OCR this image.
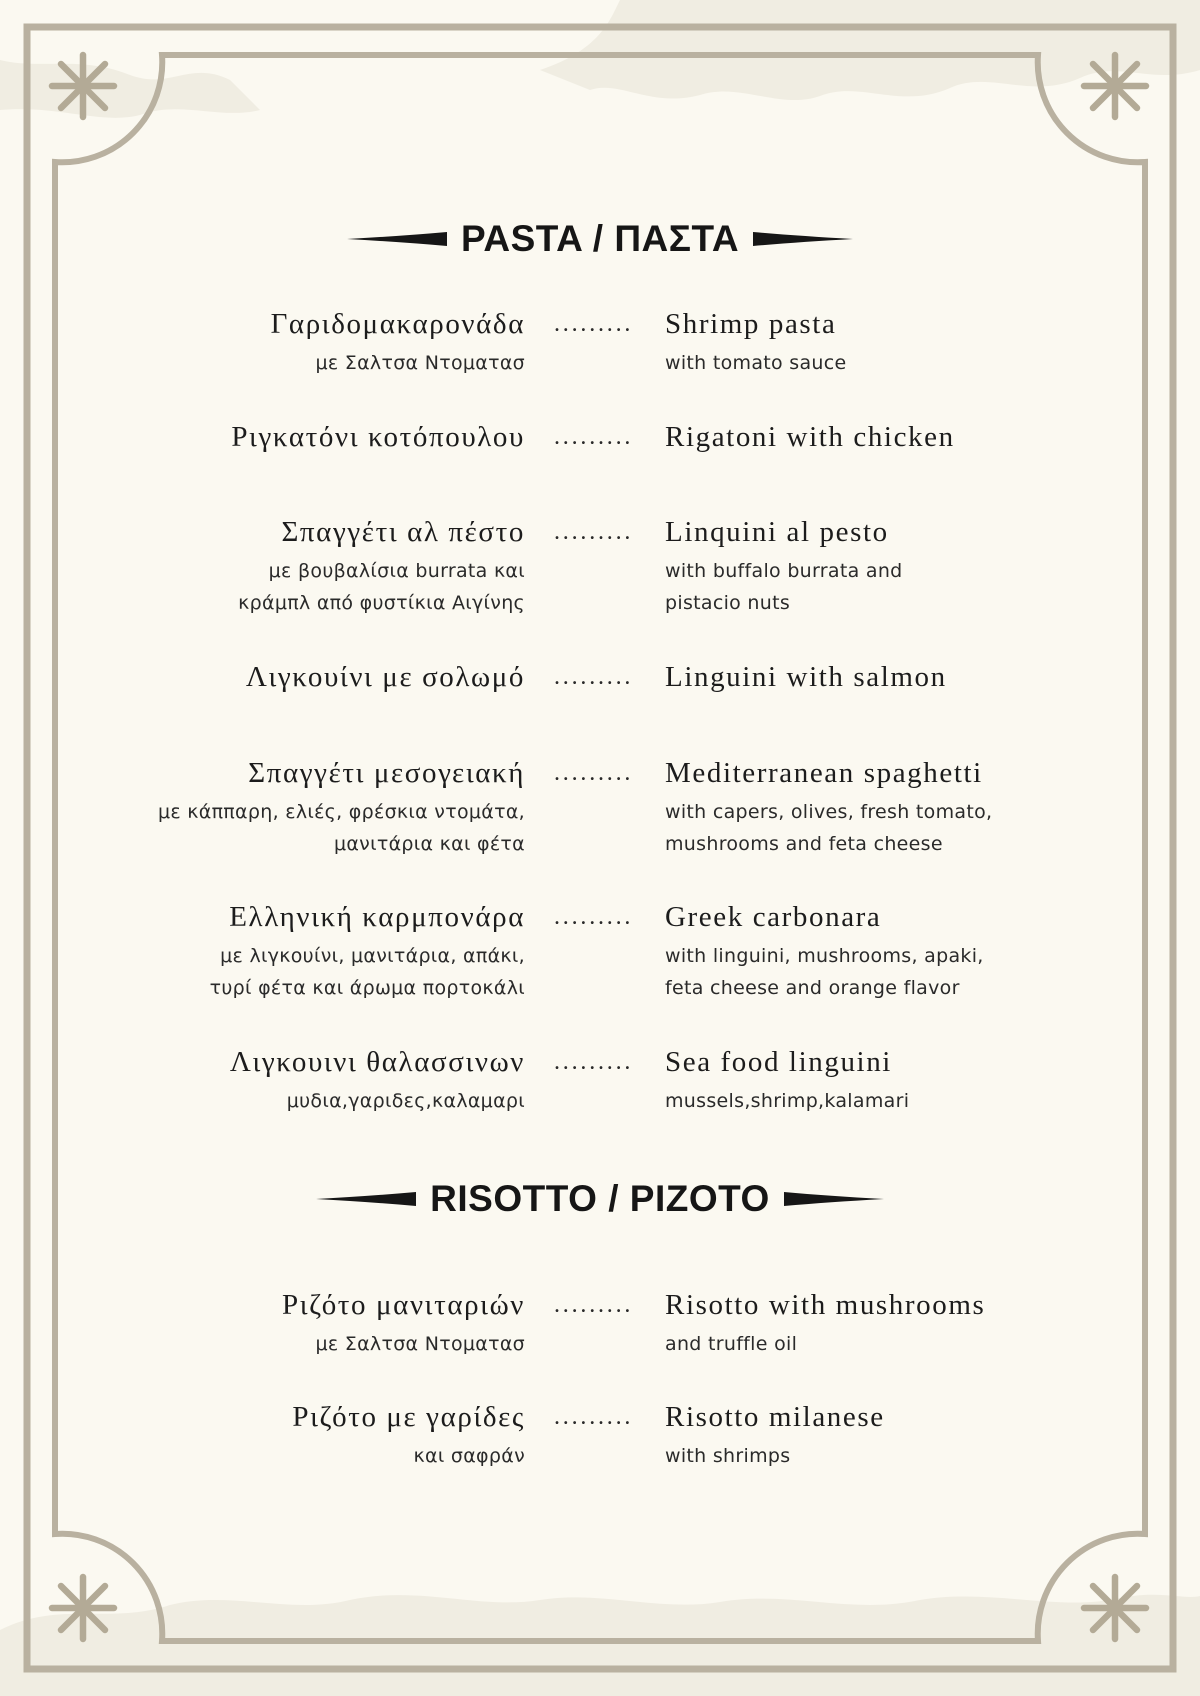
PASTA / ΠΑΣΤΑ
Γαριδομακαρονάδα
με Σαλτσα Ντοματασ
......... Shrimp pasta
with tomato sauce
Ριγκατόνι κοτόπουλου ......... Rigatoni with chicken
Σπαγγέτι αλ πέστο
με βουβαλίσια burrata και
κράμπλ από φυστίκια Αιγίνης
......... Linquini al pesto
with buffalo burrata and
pistacio nuts
Λιγκουίνι με σολωμό ......... Linguini with salmon
Σπαγγέτι μεσογειακή
με κάππαρη, ελιές, φρέσκια ντομάτα,
μανιτάρια και φέτα
......... Mediterranean spaghetti
with capers, olives, fresh tomato,
mushrooms and feta cheese
Ελληνική καρμπονάρα
με λιγκουίνι, μανιτάρια, απάκι,
τυρί φέτα και άρωμα πορτοκάλι
......... Greek carbonara
with linguini, mushrooms, apaki,
feta cheese and orange flavor
Λιγκουινι θαλασσινων
μυδια,γαριδες,καλαμαρι
......... Sea food linguini
mussels,shrimp,kalamari
RISOTTO / PIZOTO
Ριζότο μανιταριών
με Σαλτσα Ντοματασ
......... Risotto with mushrooms
and truffle oil
Ριζότο με γαρίδες
και σαφράν
......... Risotto milanese
with shrimps
